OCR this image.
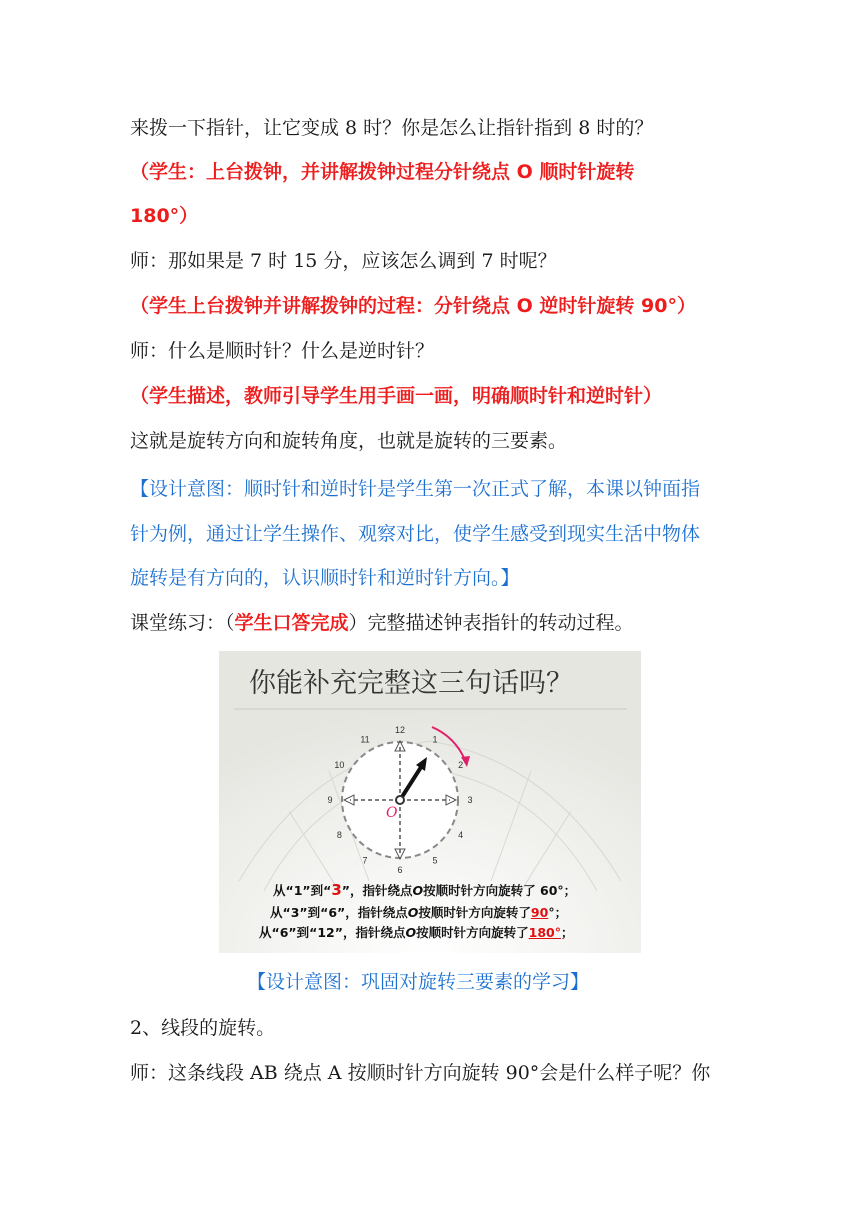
来拨一下指针，让它变成 8 时？你是怎么让指针指到 8 时的？
（学生：上台拨钟，并讲解拨钟过程分针绕点 O 顺时针旋转
180°）
师：那如果是 7 时 15 分，应该怎么调到 7 时呢？
（学生上台拨钟并讲解拨钟的过程：分针绕点 O 逆时针旋转 90°）
师：什么是顺时针？什么是逆时针？
（学生描述，教师引导学生用手画一画，明确顺时针和逆时针）
这就是旋转方向和旋转角度，也就是旋转的三要素。
【设计意图：顺时针和逆时针是学生第一次正式了解，本课以钟面指
针为例，通过让学生操作、观察对比，使学生感受到现实生活中物体
旋转是有方向的，认识顺时针和逆时针方向。】
课堂练习：（学生口答完成）完整描述钟表指针的转动过程。
你能补充完整这三句话吗？
12
1
2
3
4
5
6
7
8
9
10
11
O
从“1”到“3”，指针绕点O按顺时针方向旋转了 60°；
从“3”到“6”，指针绕点O按顺时针方向旋转了90°；
从“6”到“12”，指针绕点O按顺时针方向旋转了180°；
【设计意图：巩固对旋转三要素的学习】
2、线段的旋转。
师：这条线段 AB 绕点 A 按顺时针方向旋转 90°会是什么样子呢？你
